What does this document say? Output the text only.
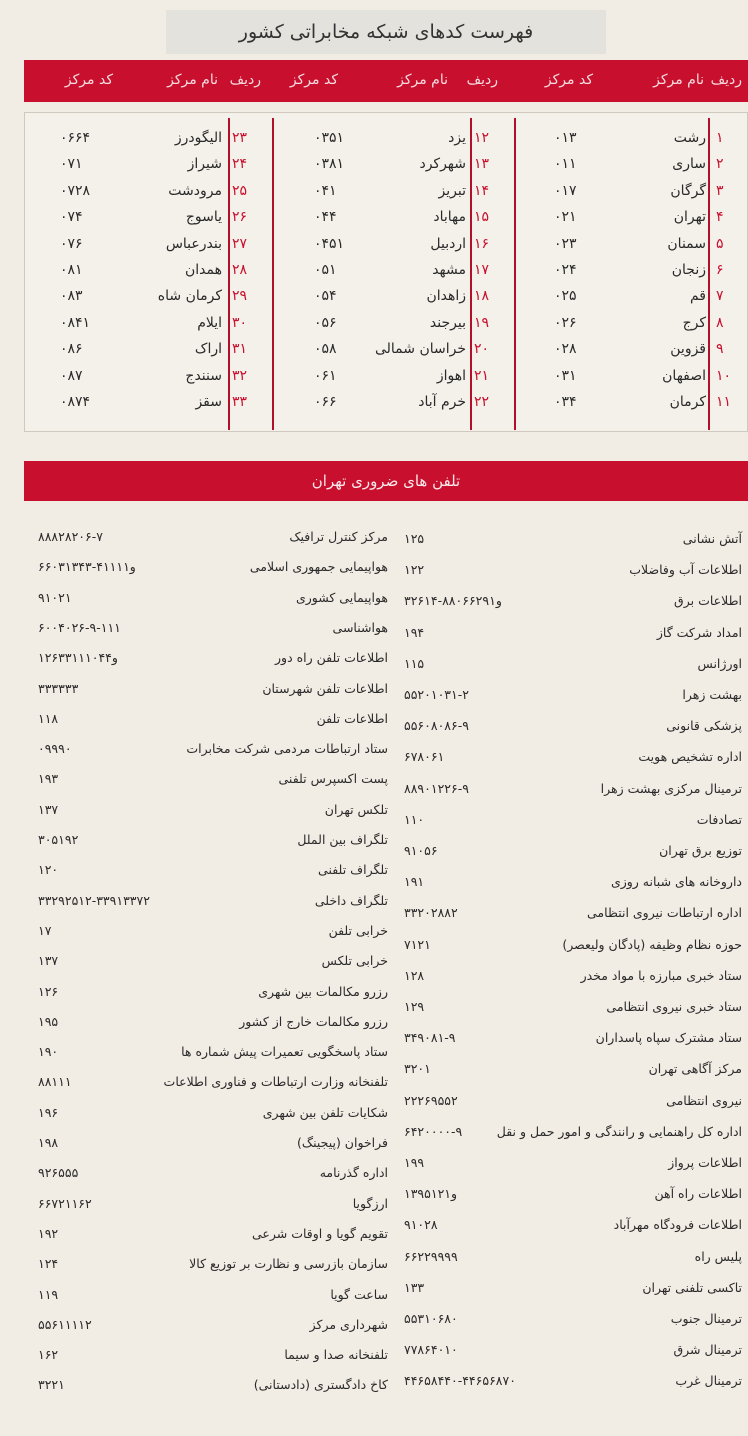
فهرست کدهای شبکه مخابراتی کشور
ردیف
نام مرکز
کد مرکز
ردیف
نام مرکز
کد مرکز
ردیف
نام مرکز
کد مرکز
۱
رشت
۰۱۳
۲
ساری
۰۱۱
۳
گرگان
۰۱۷
۴
تهران
۰۲۱
۵
سمنان
۰۲۳
۶
زنجان
۰۲۴
۷
قم
۰۲۵
۸
کرج
۰۲۶
۹
قزوین
۰۲۸
۱۰
اصفهان
۰۳۱
۱۱
کرمان
۰۳۴
۱۲
یزد
۰۳۵۱
۱۳
شهرکرد
۰۳۸۱
۱۴
تبریز
۰۴۱
۱۵
مهاباد
۰۴۴
۱۶
اردبیل
۰۴۵۱
۱۷
مشهد
۰۵۱
۱۸
زاهدان
۰۵۴
۱۹
بیرجند
۰۵۶
۲۰
خراسان شمالی
۰۵۸
۲۱
اهواز
۰۶۱
۲۲
خرم آباد
۰۶۶
۲۳
الیگودرز
۰۶۶۴
۲۴
شیراز
۰۷۱
۲۵
مرودشت
۰۷۲۸
۲۶
یاسوج
۰۷۴
۲۷
بندرعباس
۰۷۶
۲۸
همدان
۰۸۱
۲۹
کرمان شاه
۰۸۳
۳۰
ایلام
۰۸۴۱
۳۱
اراک
۰۸۶
۳۲
سنندج
۰۸۷
۳۳
سقز
۰۸۷۴
تلفن های ضروری تهران
آتش نشانی
۱۲۵
اطلاعات آب وفاضلاب
۱۲۲
اطلاعات برق
۳۲۶۱و۸۸۰۶۶۲۹۱-۴
امداد شرکت گاز
۱۹۴
اورژانس
۱۱۵
بهشت زهرا
۵۵۲۰۱۰۳۱-۲
پزشکی قانونی
۵۵۶۰۸۰۸۶-۹
اداره تشخیص هویت
۶۷۸۰۶۱
ترمینال مرکزی بهشت زهرا
۸۸۹۰۱۲۲۶-۹
تصادفات
۱۱۰
توزیع برق تهران
۹۱۰۵۶
داروخانه های شبانه روزی
۱۹۱
اداره ارتباطات نیروی انتظامی
۳۳۲۰۲۸۸۲
حوزه نظام وظیفه (پادگان ولیعصر)
۷۱۲۱
ستاد خبری مبارزه با مواد مخدر
۱۲۸
ستاد خبری نیروی انتظامی
۱۲۹
ستاد مشترک سپاه پاسداران
۳۴۹۰۸۱-۹
مرکز آگاهی تهران
۳۲۰۱
نیروی انتظامی
۲۲۲۶۹۵۵۲
اداره کل راهنمایی و رانندگی و امور حمل و نقل
۶۴۲۰۰۰۰-۹
اطلاعات پرواز
۱۹۹
اطلاعات راه آهن
۱۳۹و۵۱۲۱
اطلاعات فرودگاه مهرآباد
۹۱۰۲۸
پلیس راه
۶۶۲۲۹۹۹۹
تاکسی تلفنی تهران
۱۳۳
ترمینال جنوب
۵۵۳۱۰۶۸۰
ترمینال شرق
۷۷۸۶۴۰۱۰
ترمینال غرب
۴۴۶۵۸۴۴۰-۴۴۶۵۶۸۷۰
مرکز کنترل ترافیک
۸۸۸۲۸۲۰۶-۷
هواپیمایی جمهوری اسلامی
۶۶۰۳۱۳۴۳-۴و۱۱۱۱
هواپیمایی کشوری
۹۱۰۲۱
هواشناسی
۶۰۰۴۰۲۶-۹-۱۱۱
اطلاعات تلفن راه دور
۱۲۶و۳۳۱۱۱۰۴۴
اطلاعات تلفن شهرستان
۳۳۳۳۳۳
اطلاعات تلفن
۱۱۸
ستاد ارتباطات مردمی شرکت مخابرات
۰۹۹۹۰
پست اکسپرس تلفنی
۱۹۳
تلکس تهران
۱۳۷
تلگراف بین الملل
۳۰۵۱۹۲
تلگراف تلفنی
۱۲۰
تلگراف داخلی
۳۳۲۹۲۵۱۲-۳۳۹۱۳۳۷۲
خرابی تلفن
۱۷
خرابی تلکس
۱۳۷
رزرو مکالمات بین شهری
۱۲۶
رزرو مکالمات خارج از کشور
۱۹۵
ستاد پاسخگویی تعمیرات پیش شماره ها
۱۹۰
تلفنخانه وزارت ارتباطات و فناوری اطلاعات
۸۸۱۱۱
شکایات تلفن بین شهری
۱۹۶
فراخوان (پیجینگ)
۱۹۸
اداره گذرنامه
۹۲۶۵۵۵
ارزگویا
۶۶۷۲۱۱۶۲
تقویم گویا و اوقات شرعی
۱۹۲
سازمان بازرسی و نظارت بر توزیع کالا
۱۲۴
ساعت گویا
۱۱۹
شهرداری مرکز
۵۵۶۱۱۱۱۲
تلفنخانه صدا و سیما
۱۶۲
کاخ دادگستری (دادستانی)
۳۲۲۱
